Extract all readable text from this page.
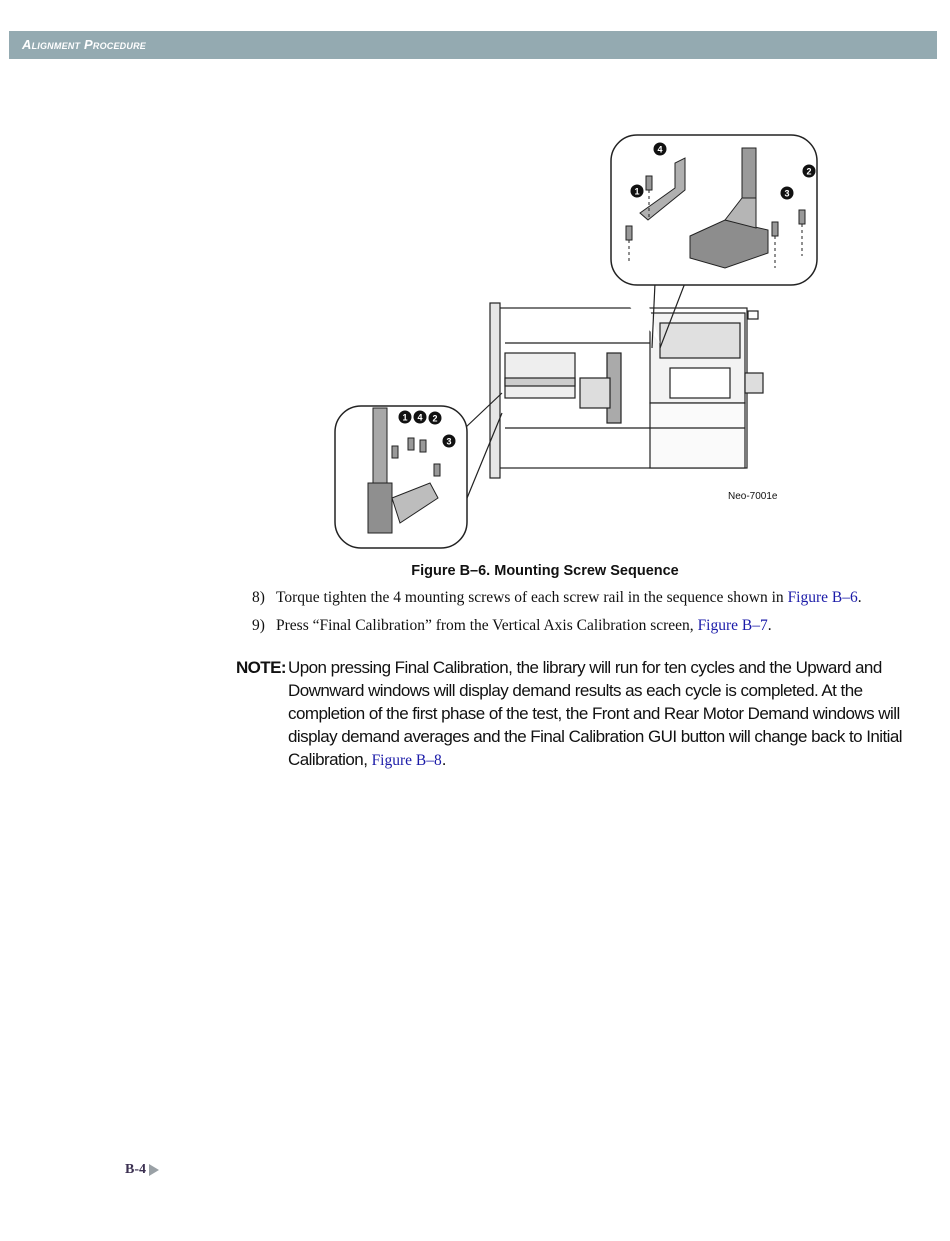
Alignment Procedure
1
4
2
3
1 4 2
3
Neo-7001e
Figure B–6. Mounting Screw Sequence
8) Torque tighten the 4 mounting screws of each screw rail in the sequence shown in Figure B–6.
9) Press “Final Calibration” from the Vertical Axis Calibration screen, Figure B–7.
NOTE: Upon pressing Final Calibration, the library will run for ten cycles and the Upward and
Downward windows will display demand results as each cycle is completed. At the
completion of the first phase of the test, the Front and Rear Motor Demand windows will
display demand averages and the Final Calibration GUI button will change back to Initial
Calibration, Figure B–8.
B-4
